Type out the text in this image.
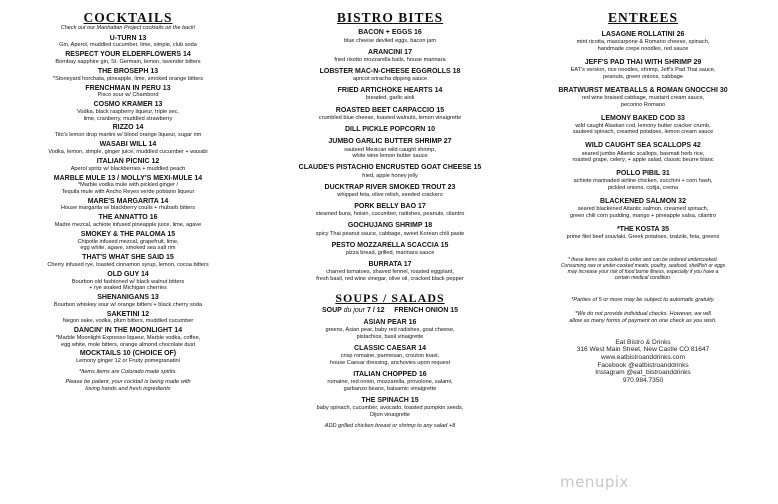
COCKTAILS
Check out our Manhattan Project cocktails on the back!
U-TURN 13
Gin, Aperol, muddled cucumber, lime, simple, club soda
RESPECT YOUR ELDERFLOWERS 14
Bombay sapphire gin, St. Germain, lemon, lavender bitters
THE BROSEPH 13
*Stoneyard horchata, pineapple, lime, smoked orange bitters
FRENCHMAN IN PERU 13
Pisco sour w/ Chambord
COSMO KRAMER 13
Vodka, black raspberry liqueur, triple sec,
lime, cranberry, muddled strawberry
RIZZO 14
Tito's lemon drop martini w/ blood orange liqueur, sugar rim
WASABI WILL 14
Vodka, lemon, simple, ginger juice, muddled cucumber + wasabi
ITALIAN PICNIC 12
Aperol spritz w/ blackberries + muddled peach
MARBLE MULE 13 / MOLLY'S MEXI-MULE 14
*Marble vodka mule with pickled ginger /
Tequila mule with Ancho Reyes verde poblano liqueur
MARE'S MARGARITA 14
House margarita w/ blackberry coulis + rhubarb bitters
THE ANNATTO 16
Madre mezcal, achiote infused pineapple juice, lime, agave
SMOKEY & THE PALOMA 15
Chipotle infused mezcal, grapefruit, lime,
egg white, agave, smoked sea salt rim
THAT'S WHAT SHE SAID 15
Cherry infused rye, toasted cinnamon syrup, lemon, cocoa bitters
OLD GUY 14
Bourbon old fashioned w/ black walnut bitters
+ rye soaked Michigan cherries
SHENANIGANS 13
Bourbon whiskey sour w/ orange bitters + black cherry soda
SAKETINI 12
Negon sake, vodka, plum bitters, muddled cucumber
DANCIN' IN THE MOONLIGHT 14
*Marble Moonlight Expresso liqueur, Marble vodka, coffee,
egg white, mole bitters, orange almond chocolate dust
MOCKTAILS 10 (CHOICE OF)
Lemony ginger 12 or Fruity pomegranatini
*Items items are Colorado made spirits.
Please be patient, your cocktail is being made with
loving hands and fresh ingredients
BISTRO BITES
BACON + EGGS 16
blue cheese deviled eggs, bacon jam
ARANCINI 17
fried risotto mozzarella balls, house marinara
LOBSTER MAC-N-CHEESE EGGROLLS 18
apricot sriracha dipping sauce
FRIED ARTICHOKE HEARTS 14
breaded, garlic aioli
ROASTED BEET CARPACCIO 15
crumbled blue cheese, toasted walnuts, lemon vinaigrette
DILL PICKLE POPCORN 10
JUMBO GARLIC BUTTER SHRIMP 27
sauteed Mexican wild caught shrimp,
white wine lemon butter sauce
CLAUDE'S PISTACHIO ENCRUSTED GOAT CHEESE 15
fried, apple honey jelly
DUCKTRAP RIVER SMOKED TROUT 23
whipped feta, olive relish, seeded crackers
PORK BELLY BAO 17
steamed buns, hoisin, cucumber, radishes, peanuts, cilantro
GOCHUJANG SHRIMP 18
spicy Thai peanut sauce, cabbage, sweet Korean chili paste
PESTO MOZZARELLA SCACCIA 15
pizza bread, grilled, marinara sauce
BURRATA 17
charred tomatoes, shaved fennel, roasted eggplant,
fresh basil, red wine vinegar, olive oil, cracked black pepper
SOUPS / SALADS
SOUP du jour 7 / 12 FRENCH ONION 15
ASIAN PEAR 16
greens, Asian pear, baby red radishes, goat cheese,
pistachios, basil vinaigrette
CLASSIC CAESAR 14
crisp romaine, parmesan, crouton toast,
house Caesar dressing, anchovies upon request
ITALIAN CHOPPED 16
romaine, red onion, mozzarella, provolone, salami,
garbanzo beans, balsamic vinaigrette
THE SPINACH 15
baby spinach, cucumber, avocado, toasted pumpkin seeds,
Dijon vinaigrette
ADD grilled chicken breast or shrimp to any salad +8
ENTREES
LASAGNE ROLLATINI 26
mint ricotta, mascarpone & Romano cheese, spinach,
handmade crepe noodles, red sauce
JEFF'S PAD THAI WITH SHRIMP 29
EAT's version, rice noodles, shrimp, Jeff's Pad Thai sauce,
peanuts, green onions, cabbage
BRATWURST MEATBALLS & ROMAN GNOCCHI 30
red wine braised cabbage, mustard cream sauce,
pecorino Romano
LEMONY BAKED COD 33
wild caught Alaskan cod, lemony butter cracker crumb,
sauteed spinach, creamed potatoes, lemon cream sauce
WILD CAUGHT SEA SCALLOPS 42
seared jumbo Atlantic scallops, basmati herb rice,
roasted grape, celery, + apple salad, classic beurre blanc
POLLO PIBIL 31
achiote marinaded airline chicken, zucchini + corn hash,
pickled onions, cotija, crema
BLACKENED SALMON 32
seared blackened Atlantic salmon, creamed spinach,
green chili corn pudding, mango + pineapple salsa, cilantro
*THE KOSTA 35
prime filet beef souvlaki, Greek potatoes, tzatziki, feta, greens
* these items are cooked to order and can be ordered undercooked.
Consuming raw or under-cooked meats, poultry, seafood, shellfish or eggs
may increase your risk of food borne illness, especially if you have a
certain medical condition.
*Parties of 5 or more may be subject to automatic gratuity.
*We do not provide individual checks. However, we will
allow as many forms of payment on one check as you wish.
Eat Bistro & Drinks
316 West Main Street, New Castle CO 81647
www.eatbistroanddrinks.com
Facebook @eatbistroanddrinks
Instagram @eat_bistroanddrinks
970.984.7350
menupix
